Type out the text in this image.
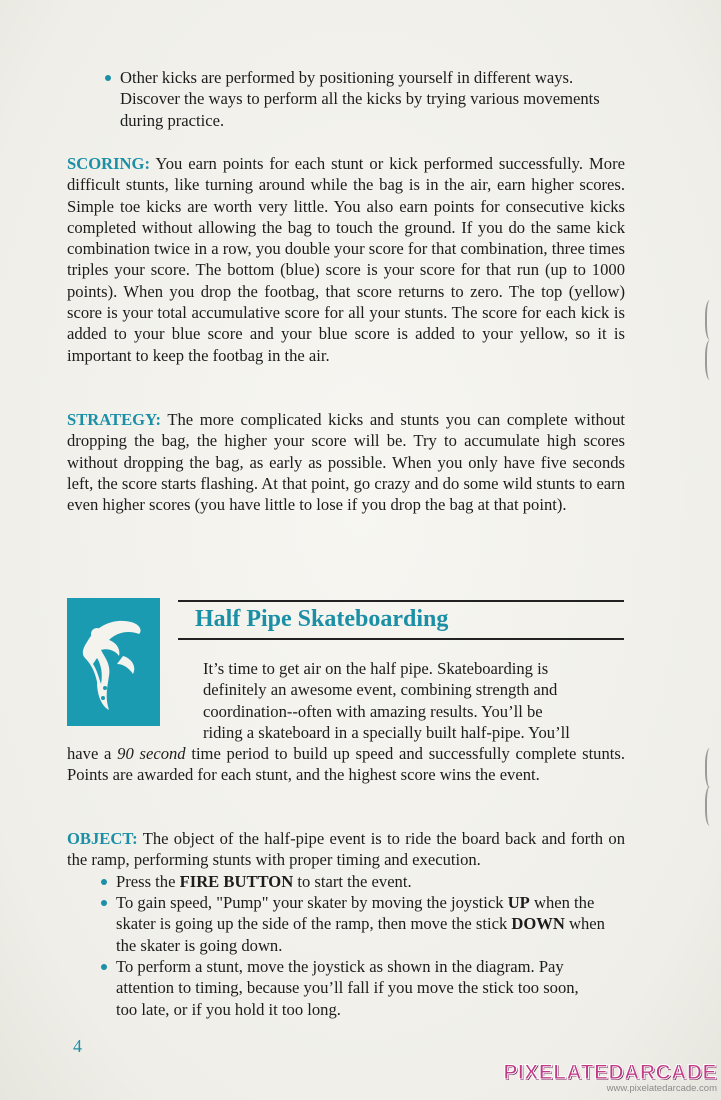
Other kicks are performed by positioning yourself in different ways. Discover the ways to perform all the kicks by trying various movements during practice.
SCORING: You earn points for each stunt or kick performed successfully. More difficult stunts, like turning around while the bag is in the air, earn higher scores. Simple toe kicks are worth very little. You also earn points for consecutive kicks completed without allowing the bag to touch the ground. If you do the same kick combination twice in a row, you double your score for that combination, three times triples your score. The bottom (blue) score is your score for that run (up to 1000 points). When you drop the footbag, that score returns to zero. The top (yellow) score is your total accumulative score for all your stunts. The score for each kick is added to your blue score and your blue score is added to your yellow, so it is important to keep the footbag in the air.
STRATEGY: The more complicated kicks and stunts you can complete without dropping the bag, the higher your score will be. Try to accumulate high scores without dropping the bag, as early as possible. When you only have five seconds left, the score starts flashing. At that point, go crazy and do some wild stunts to earn even higher scores (you have little to lose if you drop the bag at that point).
Half Pipe Skateboarding
It’s time to get air on the half pipe. Skateboarding is
definitely an awesome event, combining strength and
coordination--often with amazing results. You’ll be
riding a skateboard in a specially built half-pipe. You’ll
have a 90 second time period to build up speed and successfully complete stunts. Points are awarded for each stunt, and the highest score wins the event.
OBJECT: The object of the half-pipe event is to ride the board back and forth on the ramp, performing stunts with proper timing and execution.
Press the FIRE BUTTON to start the event.
To gain speed, "Pump" your skater by moving the joystick UP when the skater is going up the side of the ramp, then move the stick DOWN when the skater is going down.
To perform a stunt, move the joystick as shown in the diagram. Pay attention to timing, because you’ll fall if you move the stick too soon, too late, or if you hold it too long.
4
PIXELATEDARCADE
www.pixelatedarcade.com
